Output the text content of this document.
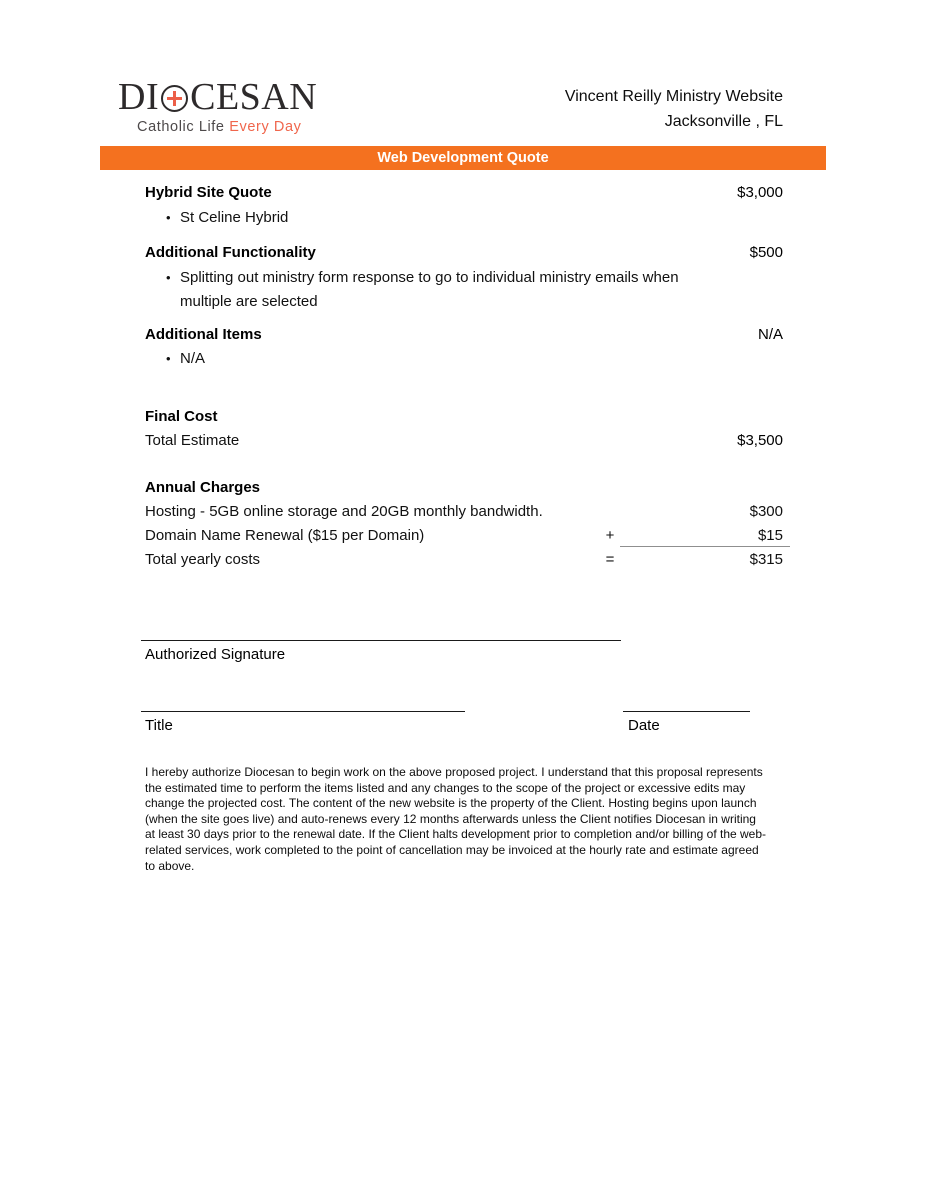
DI CESAN
Catholic Life Every Day
Vincent Reilly Ministry Website
Jacksonville , FL
Web Development Quote
Hybrid Site Quote	$3,000
• St Celine Hybrid
Additional Functionality	$500
• Splitting out ministry form response to go to individual ministry emails when multiple are selected
Additional Items	N/A
• N/A
Final Cost
Total Estimate	$3,500
Annual Charges
Hosting - 5GB online storage and 20GB monthly bandwidth.	$300
Domain Name Renewal ($15 per Domain)	+	$15
Total yearly costs	=	$315
Authorized Signature
Title	Date
I hereby authorize Diocesan to begin work on the above proposed project. I understand that this proposal represents the estimated time to perform the items listed and any changes to the scope of the project or excessive edits may change the projected cost. The content of the new website is the property of the Client. Hosting begins upon launch (when the site goes live) and auto-renews every 12 months afterwards unless the Client notifies Diocesan in writing at least 30 days prior to the renewal date. If the Client halts development prior to completion and/or billing of the web-related services, work completed to the point of cancellation may be invoiced at the hourly rate and estimate agreed to above.
